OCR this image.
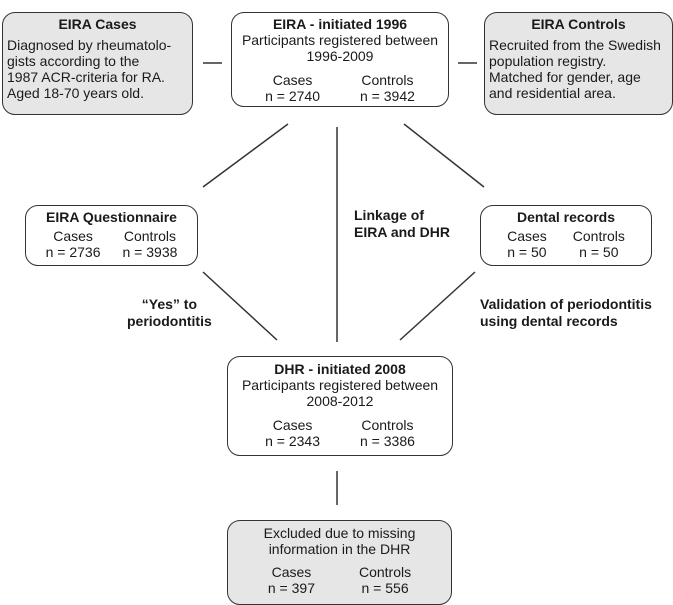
EIRA Cases
Diagnosed by rheumatolo-
gists according to the
1987 ACR-criteria for RA.
Aged 18-70 years old.
EIRA - initiated 1996
Participants registered between
1996-2009
Cases
n = 2740
Controls
n = 3942
EIRA Controls
Recruited from the Swedish
population registry.
Matched for gender, age
and residential area.
EIRA Questionnaire
Cases
n = 2736
Controls
n = 3938
Linkage of
EIRA and DHR
Dental records
Cases
n = 50
Controls
n = 50
“Yes” to
periodontitis
Validation of periodontitis
using dental records
DHR - initiated 2008
Participants registered between
2008-2012
Cases
n = 2343
Controls
n = 3386
Excluded due to missing
information in the DHR
Cases
n = 397
Controls
n = 556
